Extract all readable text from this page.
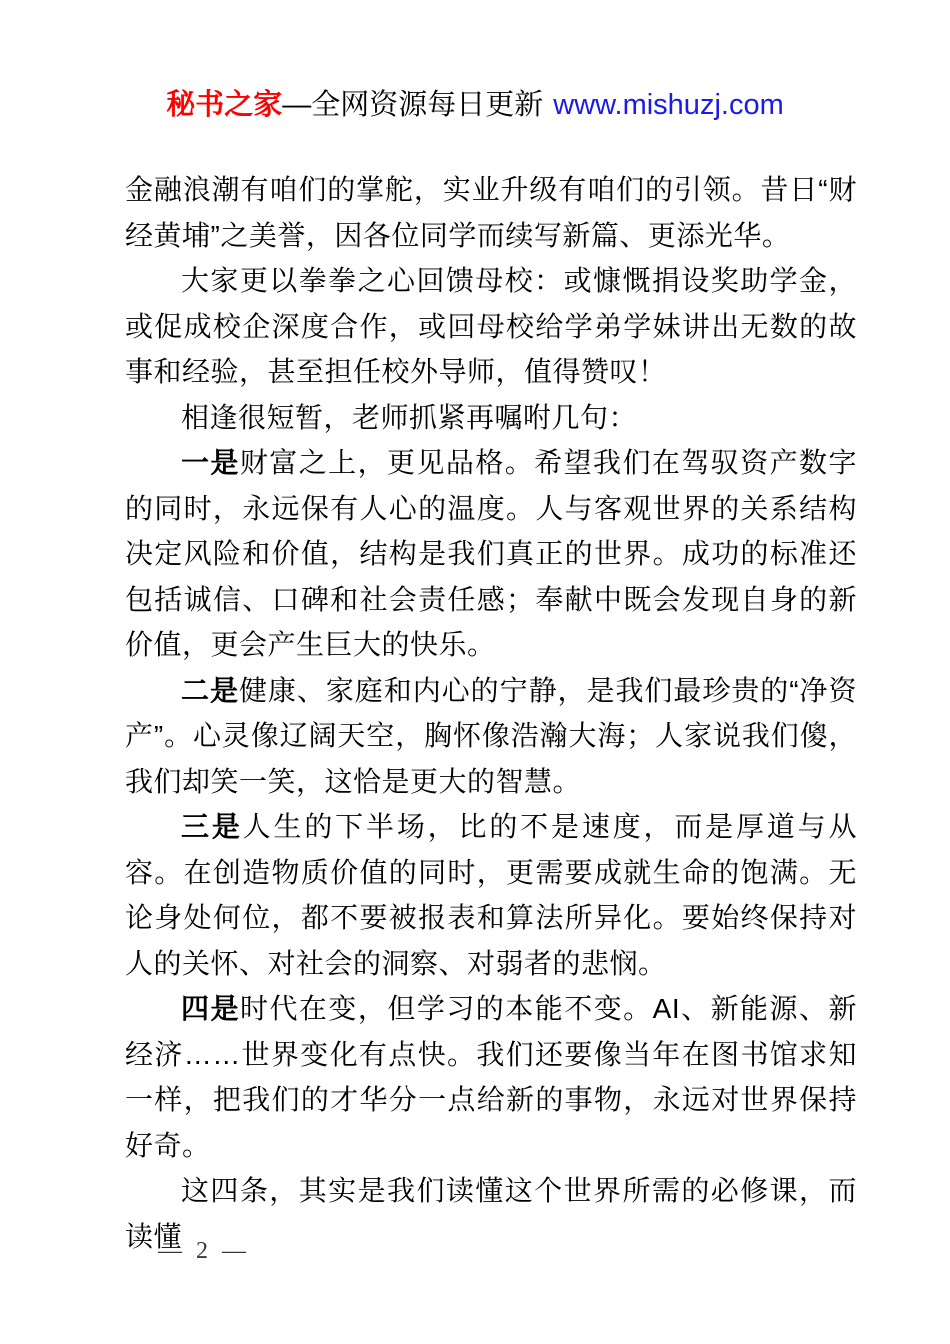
秘书之家—全网资源每日更新 www.mishuzj.com

金融浪潮有咱们的掌舵，实业升级有咱们的引领。昔日“财经黄埔”之美誉，因各位同学而续写新篇、更添光华。

大家更以拳拳之心回馈母校：或慷慨捐设奖助学金，或促成校企深度合作，或回母校给学弟学妹讲出无数的故事和经验，甚至担任校外导师，值得赞叹！

相逢很短暂，老师抓紧再嘱咐几句：

一是财富之上，更见品格。希望我们在驾驭资产数字的同时，永远保有人心的温度。人与客观世界的关系结构决定风险和价值，结构是我们真正的世界。成功的标准还包括诚信、口碑和社会责任感；奉献中既会发现自身的新价值，更会产生巨大的快乐。

二是健康、家庭和内心的宁静，是我们最珍贵的“净资产”。心灵像辽阔天空，胸怀像浩瀚大海；人家说我们傻，我们却笑一笑，这恰是更大的智慧。

三是人生的下半场，比的不是速度，而是厚道与从容。在创造物质价值的同时，更需要成就生命的饱满。无论身处何位，都不要被报表和算法所异化。要始终保持对人的关怀、对社会的洞察、对弱者的悲悯。

四是时代在变，但学习的本能不变。AI、新能源、新经济……世界变化有点快。我们还要像当年在图书馆求知一样，把我们的才华分一点给新的事物，永远对世界保持好奇。

这四条，其实是我们读懂这个世界所需的必修课，而读懂

— 2 —
